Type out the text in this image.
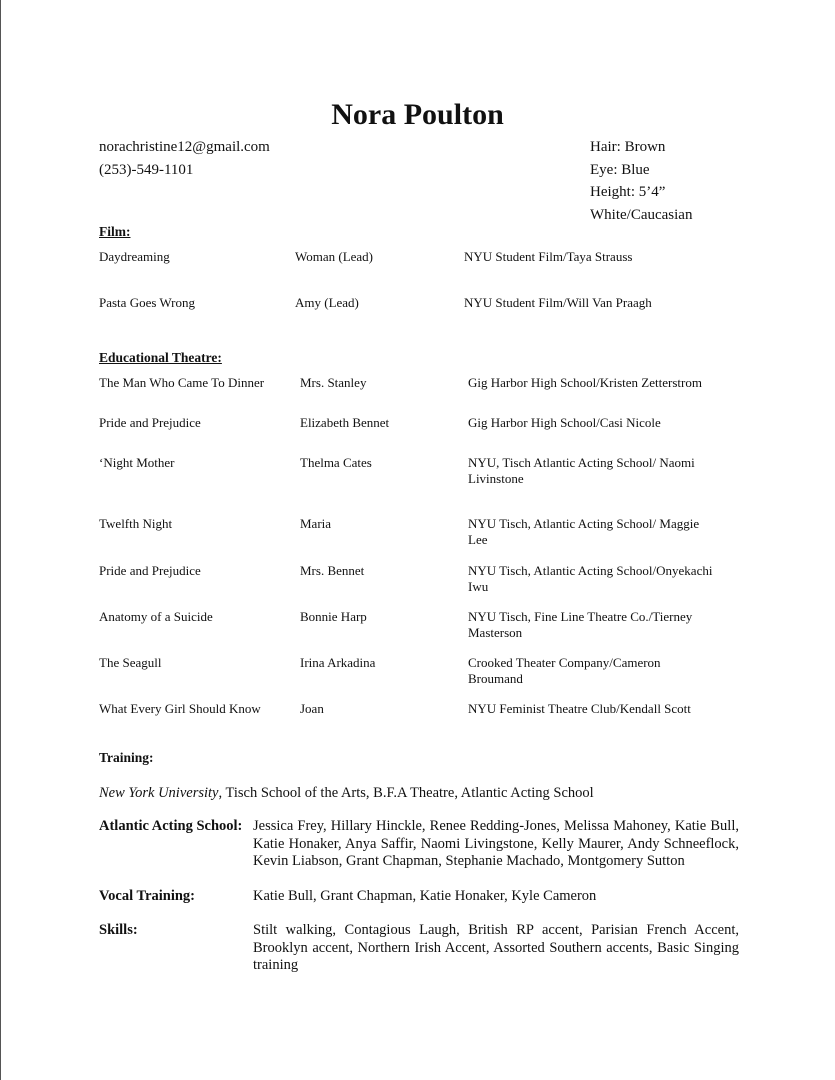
Nora Poulton
norachristine12@gmail.com
(253)-549-1101
Hair: Brown
Eye: Blue
Height: 5’4”
White/Caucasian
Film:
Daydreaming	Woman (Lead)	NYU Student Film/Taya Strauss
Pasta Goes Wrong	Amy (Lead)	NYU Student Film/Will Van Praagh
Educational Theatre:
The Man Who Came To Dinner	Mrs. Stanley	Gig Harbor High School/Kristen Zetterstrom
Pride and Prejudice	Elizabeth Bennet	Gig Harbor High School/Casi Nicole
‘Night Mother	Thelma Cates	NYU, Tisch Atlantic Acting School/ Naomi Livinstone
Twelfth Night	Maria	NYU Tisch, Atlantic Acting School/ Maggie Lee
Pride and Prejudice	Mrs. Bennet	NYU Tisch, Atlantic Acting School/Onyekachi Iwu
Anatomy of a Suicide	Bonnie Harp	NYU Tisch, Fine Line Theatre Co./Tierney Masterson
The Seagull	Irina Arkadina	Crooked Theater Company/Cameron Broumand
What Every Girl Should Know	Joan	NYU Feminist Theatre Club/Kendall Scott
Training:
New York University, Tisch School of the Arts, B.F.A Theatre, Atlantic Acting School
Atlantic Acting School: Jessica Frey, Hillary Hinckle, Renee Redding-Jones, Melissa Mahoney, Katie Bull, Katie Honaker, Anya Saffir, Naomi Livingstone, Kelly Maurer, Andy Schneeflock, Kevin Liabson, Grant Chapman, Stephanie Machado, Montgomery Sutton
Vocal Training:	Katie Bull, Grant Chapman, Katie Honaker, Kyle Cameron
Skills:	Stilt walking, Contagious Laugh, British RP accent, Parisian French Accent, Brooklyn accent, Northern Irish Accent, Assorted Southern accents, Basic Singing training
